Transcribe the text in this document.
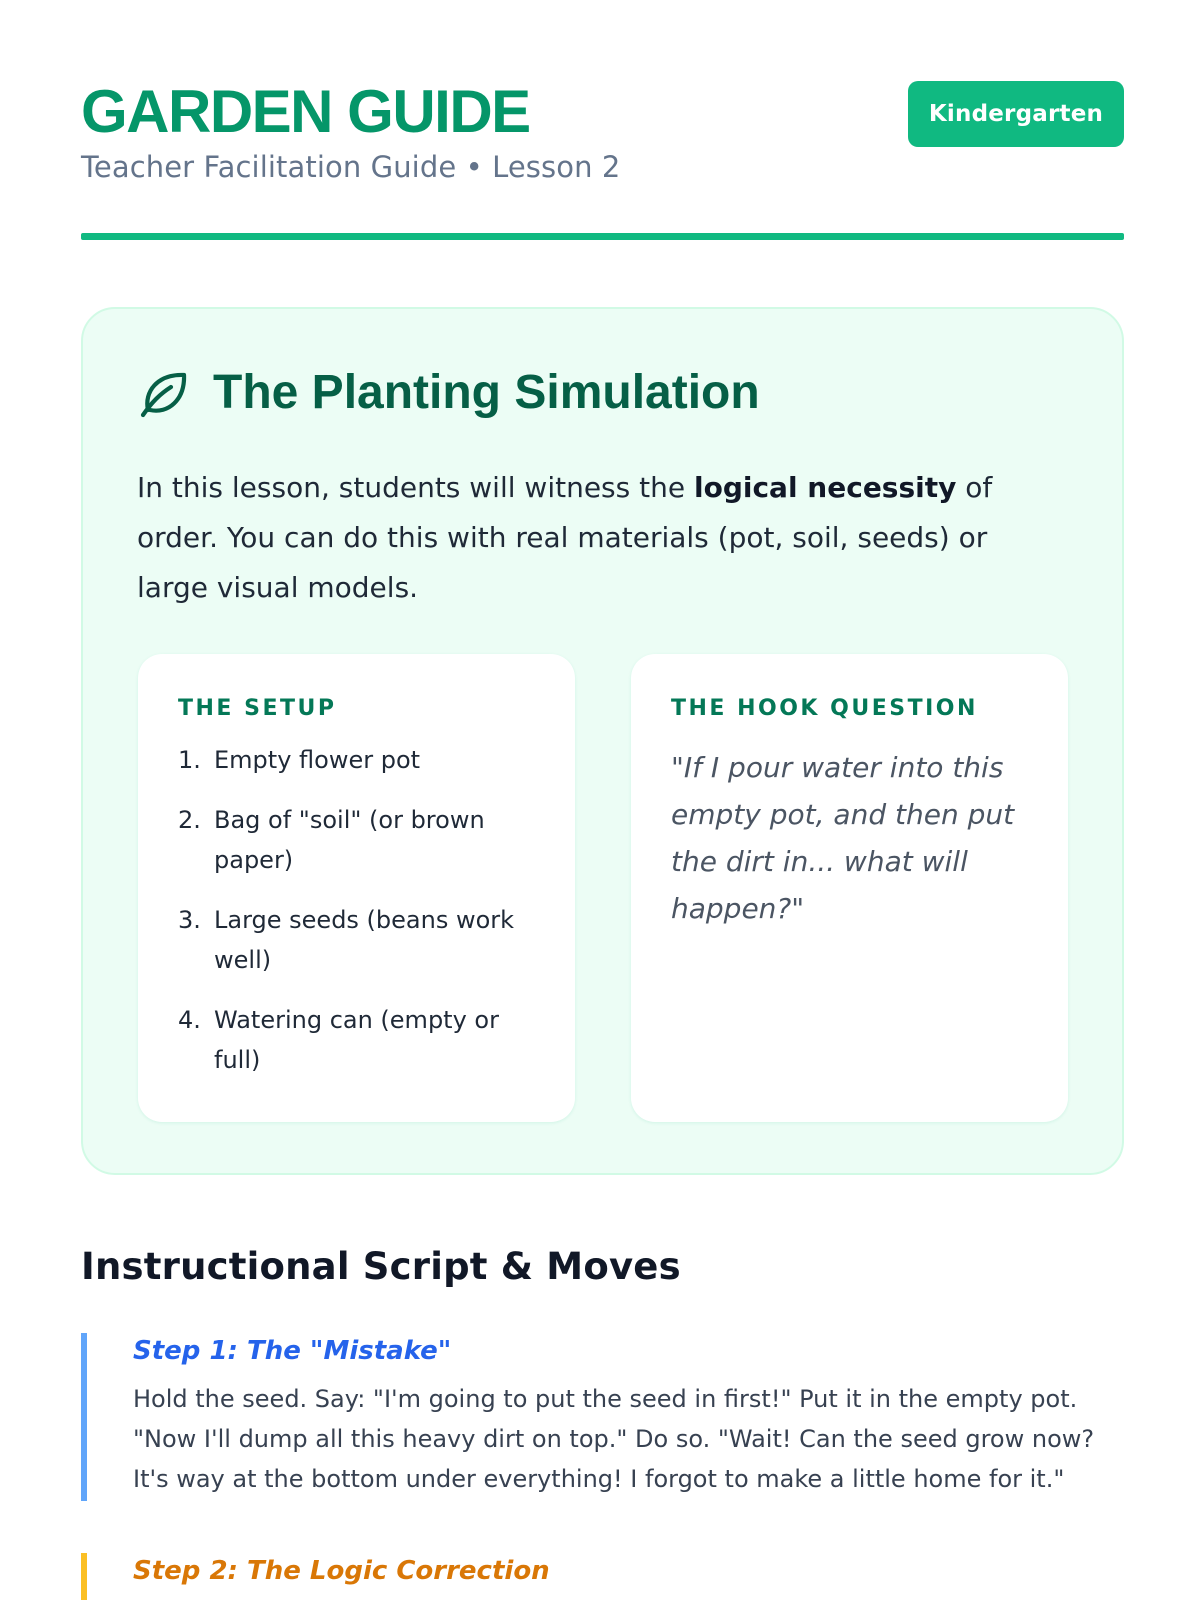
GARDEN GUIDE
Teacher Facilitation Guide • Lesson 2
Kindergarten
The Planting Simulation

In this lesson, students will witness the logical necessity of order. You can do this with real materials (pot, soil, seeds) or large visual models.

THE SETUP
1. Empty flower pot
2. Bag of "soil" (or brown paper)
3. Large seeds (beans work well)
4. Watering can (empty or full)
THE HOOK QUESTION

"If I pour water into this empty pot, and then put the dirt in... what will happen?"

Instructional Script & Moves
Step 1: The "Mistake"
Hold the seed. Say: "I'm going to put the seed in first!" Put it in the empty pot. "Now I'll dump all this heavy dirt on top." Do so. "Wait! Can the seed grow now? It's way at the bottom under everything! I forgot to make a little home for it."
Step 2: The Logic Correction
